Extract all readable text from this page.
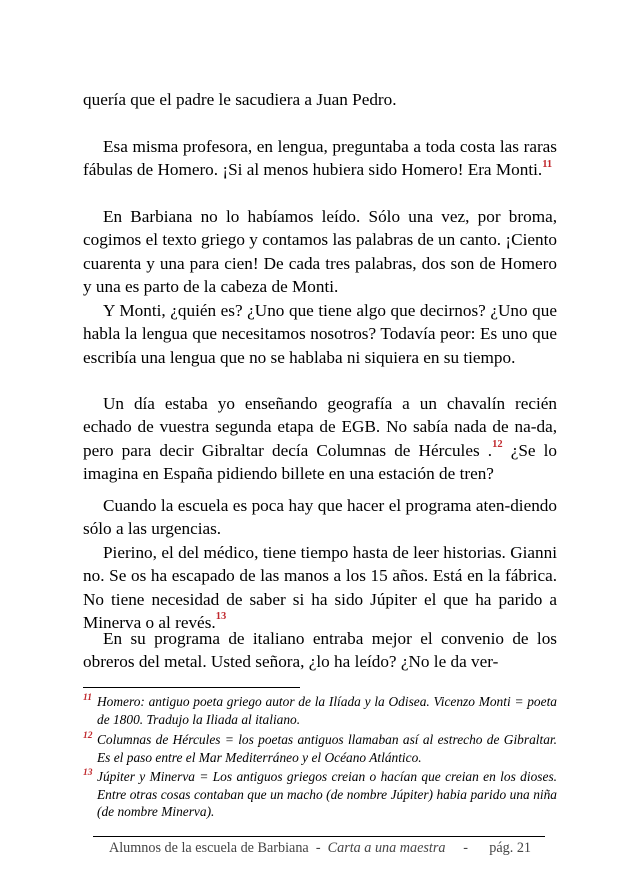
quería que el padre le sacudiera a Juan Pedro.

Esa misma profesora, en lengua, preguntaba a toda costa las raras fábulas de Homero. ¡Si al menos hubiera sido Homero! Era Monti.$^{11}$

En Barbiana no lo habíamos leído. Sólo una vez, por broma, cogimos el texto griego y contamos las palabras de un canto. ¡Ciento cuarenta y una para cien! De cada tres palabras, dos son de Homero y una es parto de la cabeza de Monti.

Y Monti, ¿quién es? ¿Uno que tiene algo que decirnos? ¿Uno que habla la lengua que necesitamos nosotros? Todavía peor: Es uno que escribía una lengua que no se hablaba ni siquiera en su tiempo.

Un día estaba yo enseñando geografía a un chavalín recién echado de vuestra segunda etapa de EGB. No sabía nada de na-da, pero para decir Gibraltar decía Columnas de Hércules .$^{12}$ ¿Se lo imagina en España pidiendo billete en una estación de tren?

Cuando la escuela es poca hay que hacer el programa aten-diendo sólo a las urgencias.

Pierino, el del médico, tiene tiempo hasta de leer historias. Gianni no. Se os ha escapado de las manos a los 15 años. Está en la fábrica. No tiene necesidad de saber si ha sido Júpiter el que ha parido a Minerva o al revés.$^{13}$

En su programa de italiano entraba mejor el convenio de los obreros del metal. Usted señora, ¿lo ha leído? ¿No le da ver-

11 Homero: antiguo poeta griego autor de la Ilíada y la Odisea. Vicenzo Monti = poeta de 1800. Tradujo la Iliada al italiano.
12 Columnas de Hércules = los poetas antiguos llamaban así al estrecho de Gibraltar. Es el paso entre el Mar Mediterráneo y el Océano Atlántico.
13 Júpiter y Minerva = Los antiguos griegos creian o hacían que creian en los dioses. Entre otras cosas contaban que un macho (de nombre Júpiter) habia parido una niña (de nombre Minerva).
Alumnos de la escuela de Barbiana  -  Carta a una maestra     -      pág. 21
